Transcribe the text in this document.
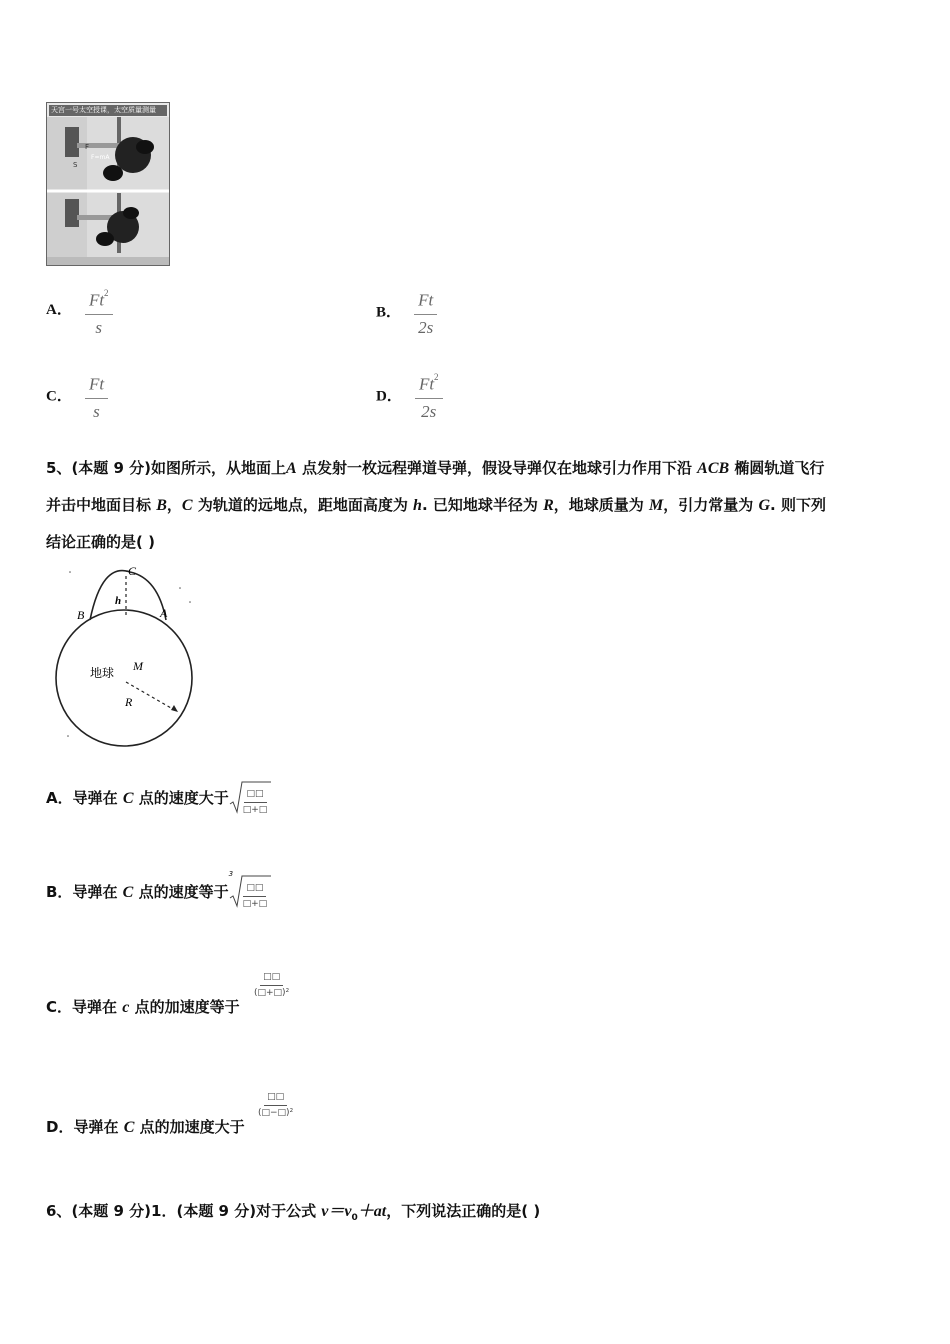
天宫一号太空授课，太空质量测量
F=mA
S
F
A． $\frac{Ft^2}{s}$	B． $\frac{Ft}{2s}$
C． $\frac{Ft}{s}$	D． $\frac{Ft^2}{2s}$
5、(本题 9 分)如图所示，从地面上A 点发射一枚远程弹道导弹，假设导弹仅在地球引力作用下沿 ACB 椭圆轨道飞行
并击中地面目标 B，C 为轨道的远地点，距地面高度为 h. 已知地球半径为 R，地球质量为 M，引力常量为 G. 则下列
结论正确的是( )
C
h
B	A
地球 M
R
A．导弹在 C 点的速度大于 $\frac{□□}{□+□}$
B．导弹在 C 点的速度等于
3
$\frac{□□}{□+□}$
$\frac{□□}{\text{(□+□)²}}$
C．导弹在 c 点的加速度等于
$\frac{□□}{\text{(□−□)²}}$
D．导弹在 C 点的加速度大于
6、(本题 9 分)1．(本题 9 分)对于公式 $v=v_0+at$，下列说法正确的是( )
